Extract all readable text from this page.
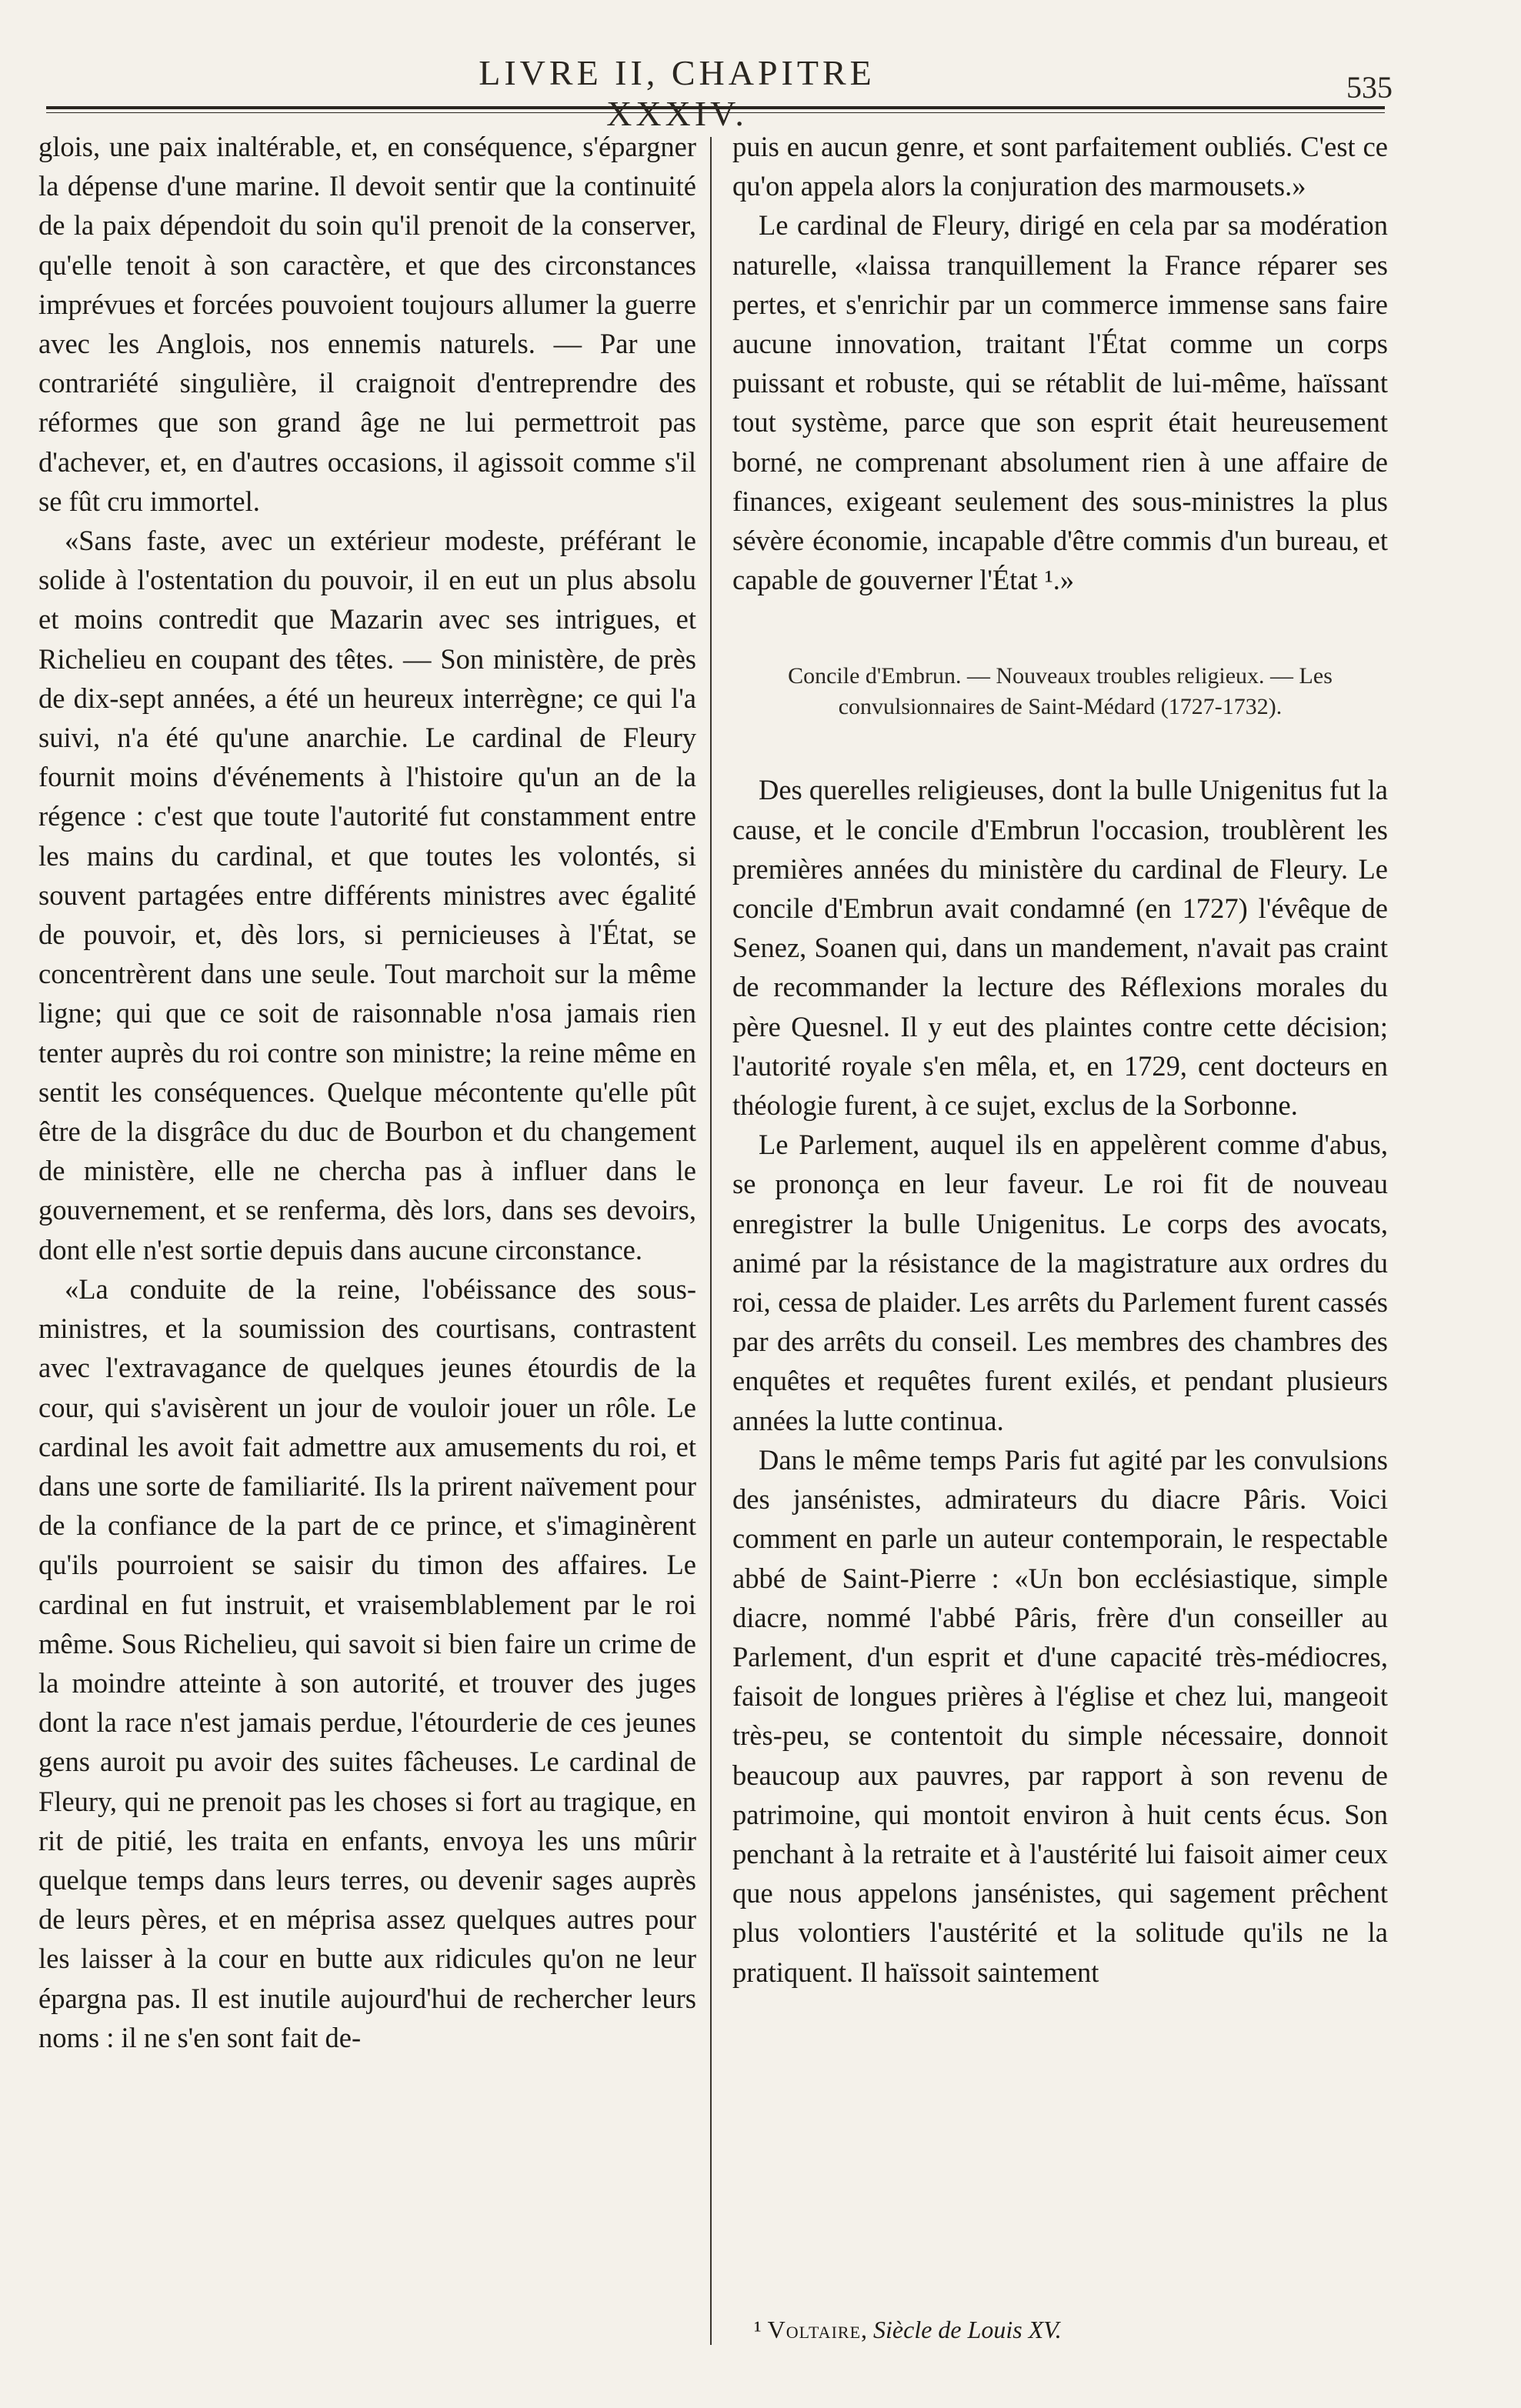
LIVRE II, CHAPITRE XXXIV.
535

glois, une paix inaltérable, et, en conséquence, s'épargner la dépense d'une marine. Il devoit sentir que la continuité de la paix dépendoit du soin qu'il prenoit de la conserver, qu'elle tenoit à son caractère, et que des circonstances imprévues et forcées pouvoient toujours allumer la guerre avec les Anglois, nos ennemis naturels. — Par une contrariété singulière, il craignoit d'entreprendre des réformes que son grand âge ne lui permettroit pas d'achever, et, en d'autres occasions, il agissoit comme s'il se fût cru immortel.

«Sans faste, avec un extérieur modeste, préférant le solide à l'ostentation du pouvoir, il en eut un plus absolu et moins contredit que Mazarin avec ses intrigues, et Richelieu en coupant des têtes. — Son ministère, de près de dix-sept années, a été un heureux interrègne; ce qui l'a suivi, n'a été qu'une anarchie. Le cardinal de Fleury fournit moins d'événements à l'histoire qu'un an de la régence : c'est que toute l'autorité fut constamment entre les mains du cardinal, et que toutes les volontés, si souvent partagées entre différents ministres avec égalité de pouvoir, et, dès lors, si pernicieuses à l'État, se concentrèrent dans une seule. Tout marchoit sur la même ligne; qui que ce soit de raisonnable n'osa jamais rien tenter auprès du roi contre son ministre; la reine même en sentit les conséquences. Quelque mécontente qu'elle pût être de la disgrâce du duc de Bourbon et du changement de ministère, elle ne chercha pas à influer dans le gouvernement, et se renferma, dès lors, dans ses devoirs, dont elle n'est sortie depuis dans aucune circonstance.

«La conduite de la reine, l'obéissance des sous-ministres, et la soumission des courtisans, contrastent avec l'extravagance de quelques jeunes étourdis de la cour, qui s'avisèrent un jour de vouloir jouer un rôle. Le cardinal les avoit fait admettre aux amusements du roi, et dans une sorte de familiarité. Ils la prirent naïvement pour de la confiance de la part de ce prince, et s'imaginèrent qu'ils pourroient se saisir du timon des affaires. Le cardinal en fut instruit, et vraisemblablement par le roi même. Sous Richelieu, qui savoit si bien faire un crime de la moindre atteinte à son autorité, et trouver des juges dont la race n'est jamais perdue, l'étourderie de ces jeunes gens auroit pu avoir des suites fâcheuses. Le cardinal de Fleury, qui ne prenoit pas les choses si fort au tragique, en rit de pitié, les traita en enfants, envoya les uns mûrir quelque temps dans leurs terres, ou devenir sages auprès de leurs pères, et en méprisa assez quelques autres pour les laisser à la cour en butte aux ridicules qu'on ne leur épargna pas. Il est inutile aujourd'hui de rechercher leurs noms : il ne s'en sont fait de-

puis en aucun genre, et sont parfaitement oubliés. C'est ce qu'on appela alors la conjuration des marmousets.»

Le cardinal de Fleury, dirigé en cela par sa modération naturelle, «laissa tranquillement la France réparer ses pertes, et s'enrichir par un commerce immense sans faire aucune innovation, traitant l'État comme un corps puissant et robuste, qui se rétablit de lui-même, haïssant tout système, parce que son esprit était heureusement borné, ne comprenant absolument rien à une affaire de finances, exigeant seulement des sous-ministres la plus sévère économie, incapable d'être commis d'un bureau, et capable de gouverner l'État ¹.»

Concile d'Embrun. — Nouveaux troubles religieux. — Les
convulsionnaires de Saint-Médard (1727-1732).

Des querelles religieuses, dont la bulle Unigenitus fut la cause, et le concile d'Embrun l'occasion, troublèrent les premières années du ministère du cardinal de Fleury. Le concile d'Embrun avait condamné (en 1727) l'évêque de Senez, Soanen qui, dans un mandement, n'avait pas craint de recommander la lecture des Réflexions morales du père Quesnel. Il y eut des plaintes contre cette décision; l'autorité royale s'en mêla, et, en 1729, cent docteurs en théologie furent, à ce sujet, exclus de la Sorbonne.

Le Parlement, auquel ils en appelèrent comme d'abus, se prononça en leur faveur. Le roi fit de nouveau enregistrer la bulle Unigenitus. Le corps des avocats, animé par la résistance de la magistrature aux ordres du roi, cessa de plaider. Les arrêts du Parlement furent cassés par des arrêts du conseil. Les membres des chambres des enquêtes et requêtes furent exilés, et pendant plusieurs années la lutte continua.

Dans le même temps Paris fut agité par les convulsions des jansénistes, admirateurs du diacre Pâris. Voici comment en parle un auteur contemporain, le respectable abbé de Saint-Pierre : «Un bon ecclésiastique, simple diacre, nommé l'abbé Pâris, frère d'un conseiller au Parlement, d'un esprit et d'une capacité très-médiocres, faisoit de longues prières à l'église et chez lui, mangeoit très-peu, se contentoit du simple nécessaire, donnoit beaucoup aux pauvres, par rapport à son revenu de patrimoine, qui montoit environ à huit cents écus. Son penchant à la retraite et à l'austérité lui faisoit aimer ceux que nous appelons jansénistes, qui sagement prêchent plus volontiers l'austérité et la solitude qu'ils ne la pratiquent. Il haïssoit saintement

¹ Voltaire, Siècle de Louis XV.
